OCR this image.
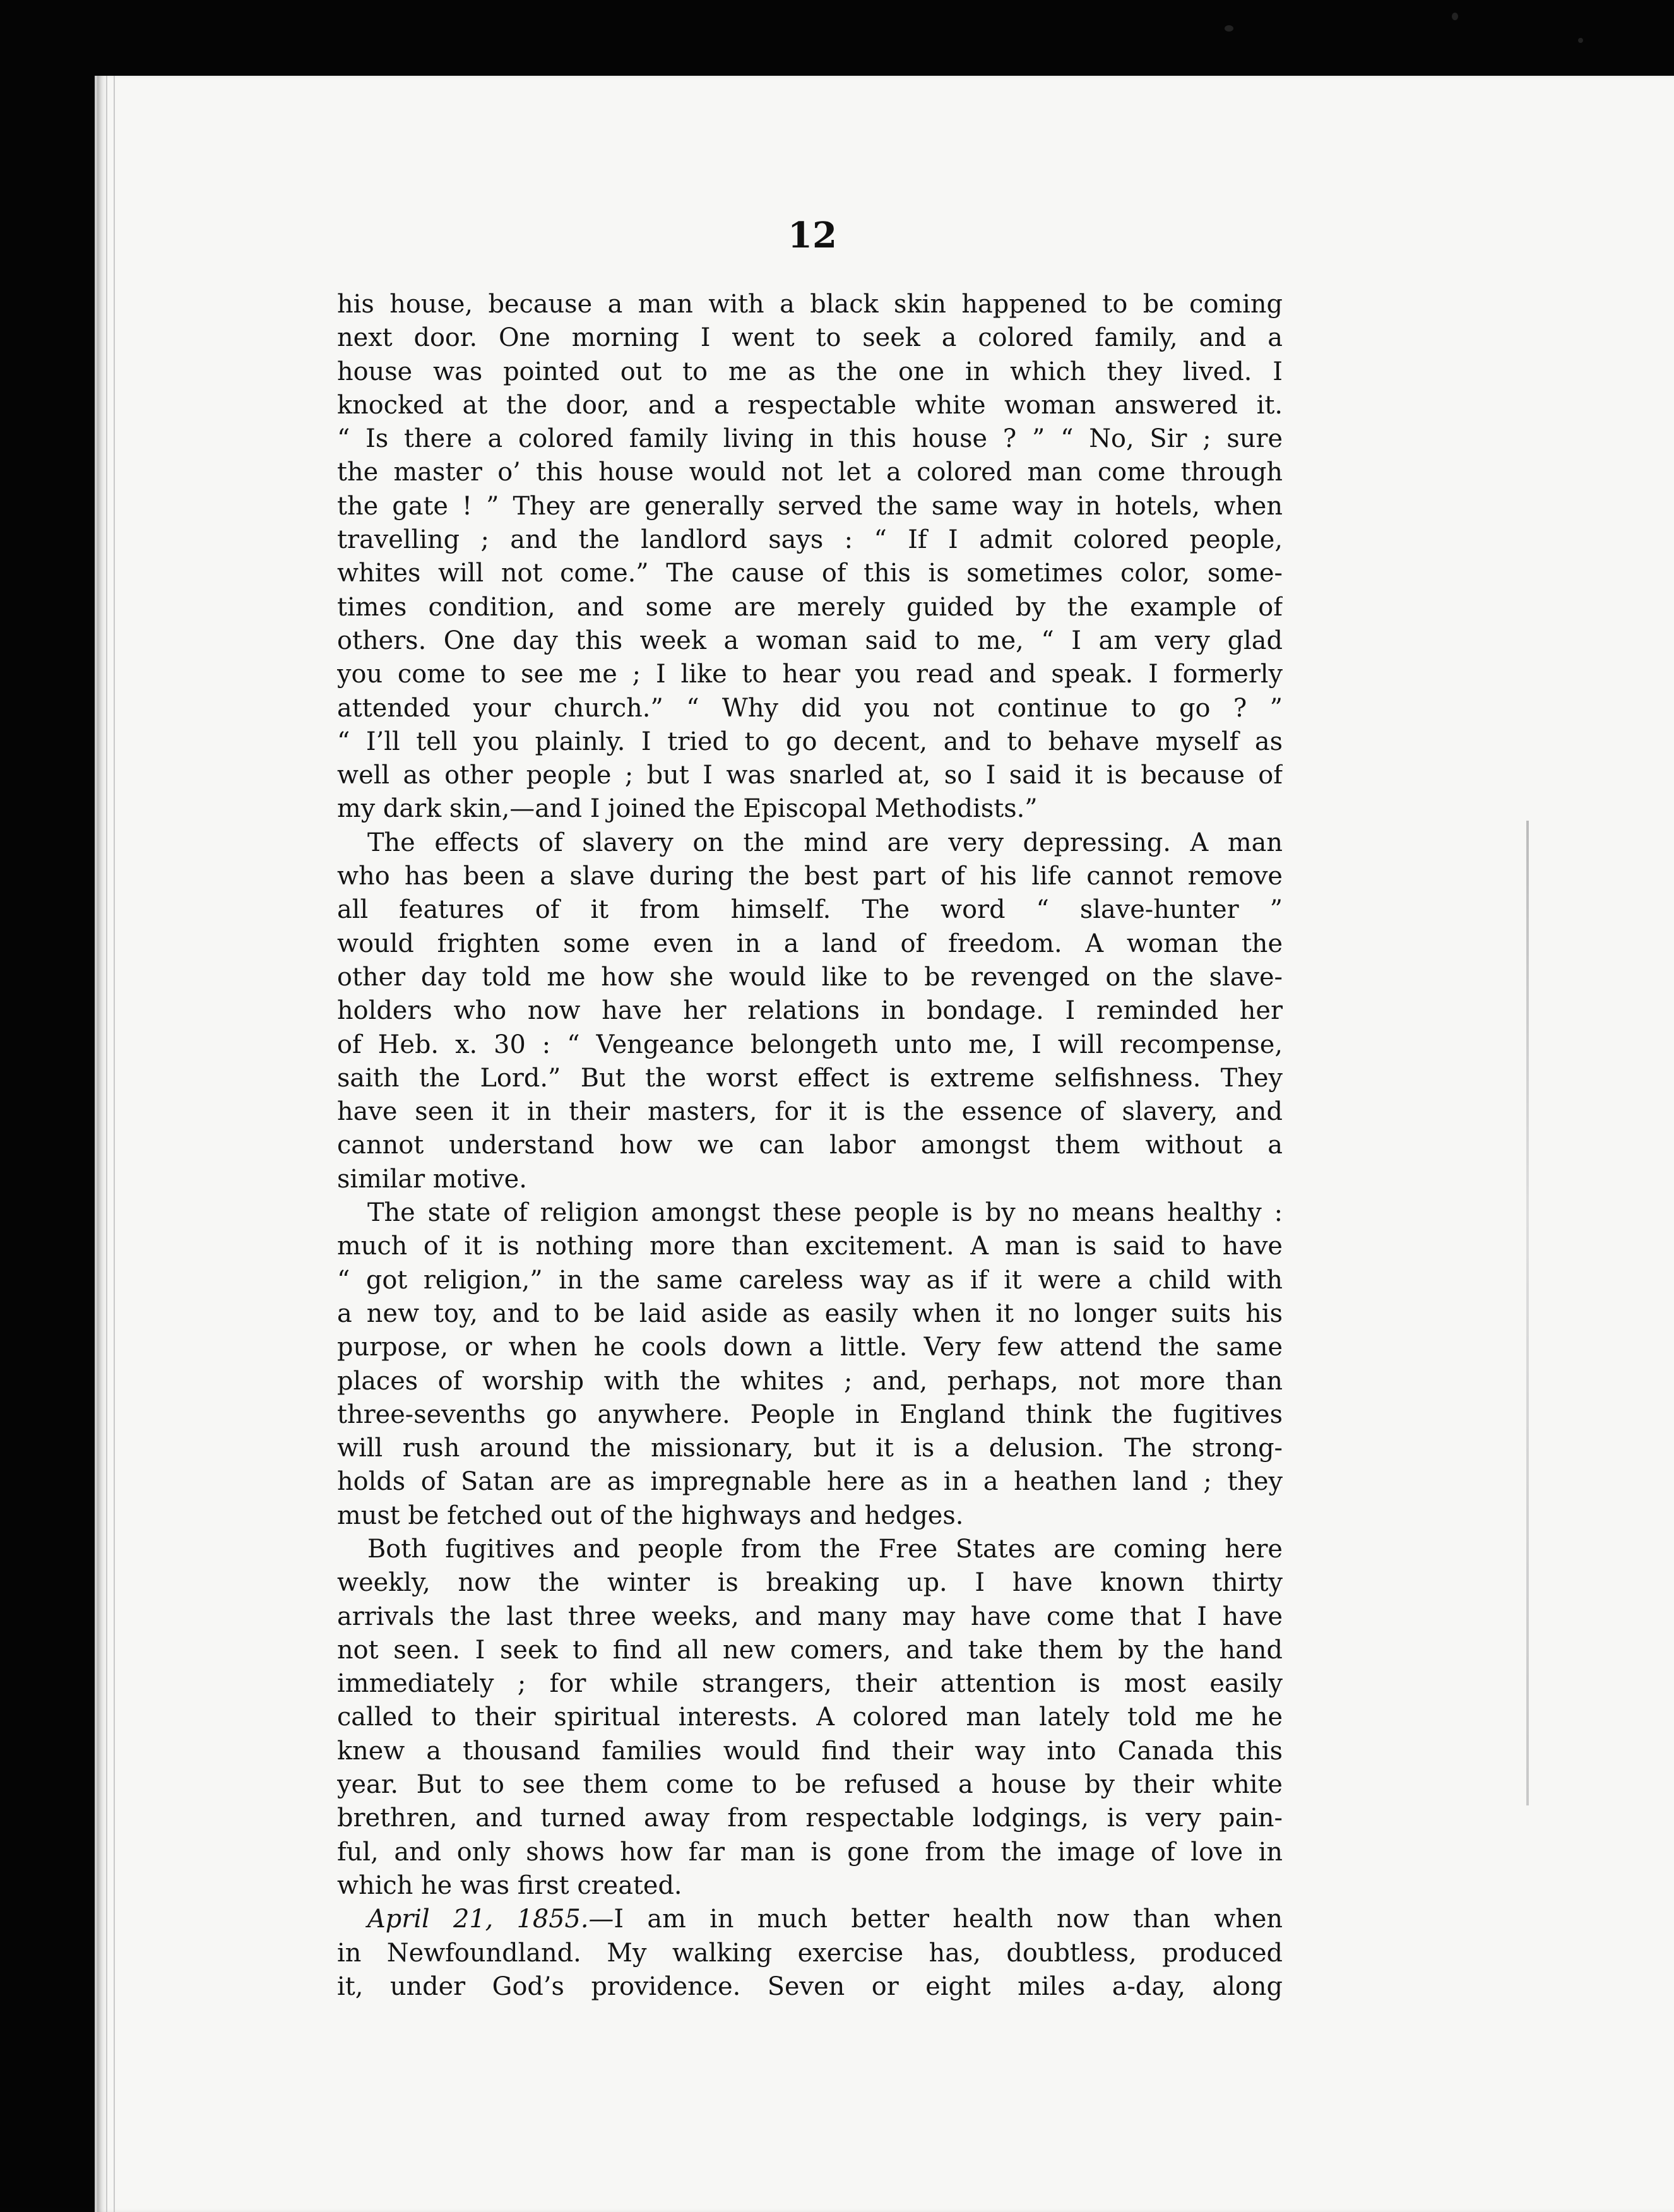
12
his house, because a man with a black skin happened to be coming
next door. One morning I went to seek a colored family, and a
house was pointed out to me as the one in which they lived. I
knocked at the door, and a respectable white woman answered it.
“ Is there a colored family living in this house ? ” “ No, Sir ; sure
the master o’ this house would not let a colored man come through
the gate ! ” They are generally served the same way in hotels, when
travelling ; and the landlord says : “ If I admit colored people,
whites will not come.” The cause of this is sometimes color, some-
times condition, and some are merely guided by the example of
others. One day this week a woman said to me, “ I am very glad
you come to see me ; I like to hear you read and speak. I formerly
attended your church.” “ Why did you not continue to go ? ”
“ I’ll tell you plainly. I tried to go decent, and to behave myself as
well as other people ; but I was snarled at, so I said it is because of
my dark skin,—and I joined the Episcopal Methodists.”
The effects of slavery on the mind are very depressing. A man
who has been a slave during the best part of his life cannot remove
all features of it from himself. The word “ slave-hunter ”
would frighten some even in a land of freedom. A woman the
other day told me how she would like to be revenged on the slave-
holders who now have her relations in bondage. I reminded her
of Heb. x. 30 : “ Vengeance belongeth unto me, I will recompense,
saith the Lord.” But the worst effect is extreme selfishness. They
have seen it in their masters, for it is the essence of slavery, and
cannot understand how we can labor amongst them without a
similar motive.
The state of religion amongst these people is by no means healthy :
much of it is nothing more than excitement. A man is said to have
“ got religion,” in the same careless way as if it were a child with
a new toy, and to be laid aside as easily when it no longer suits his
purpose, or when he cools down a little. Very few attend the same
places of worship with the whites ; and, perhaps, not more than
three-sevenths go anywhere. People in England think the fugitives
will rush around the missionary, but it is a delusion. The strong-
holds of Satan are as impregnable here as in a heathen land ; they
must be fetched out of the highways and hedges.
Both fugitives and people from the Free States are coming here
weekly, now the winter is breaking up. I have known thirty
arrivals the last three weeks, and many may have come that I have
not seen. I seek to find all new comers, and take them by the hand
immediately ; for while strangers, their attention is most easily
called to their spiritual interests. A colored man lately told me he
knew a thousand families would find their way into Canada this
year. But to see them come to be refused a house by their white
brethren, and turned away from respectable lodgings, is very pain-
ful, and only shows how far man is gone from the image of love in
which he was first created.
April 21, 1855.—I am in much better health now than when
in Newfoundland. My walking exercise has, doubtless, produced
it, under God’s providence. Seven or eight miles a-day, along
